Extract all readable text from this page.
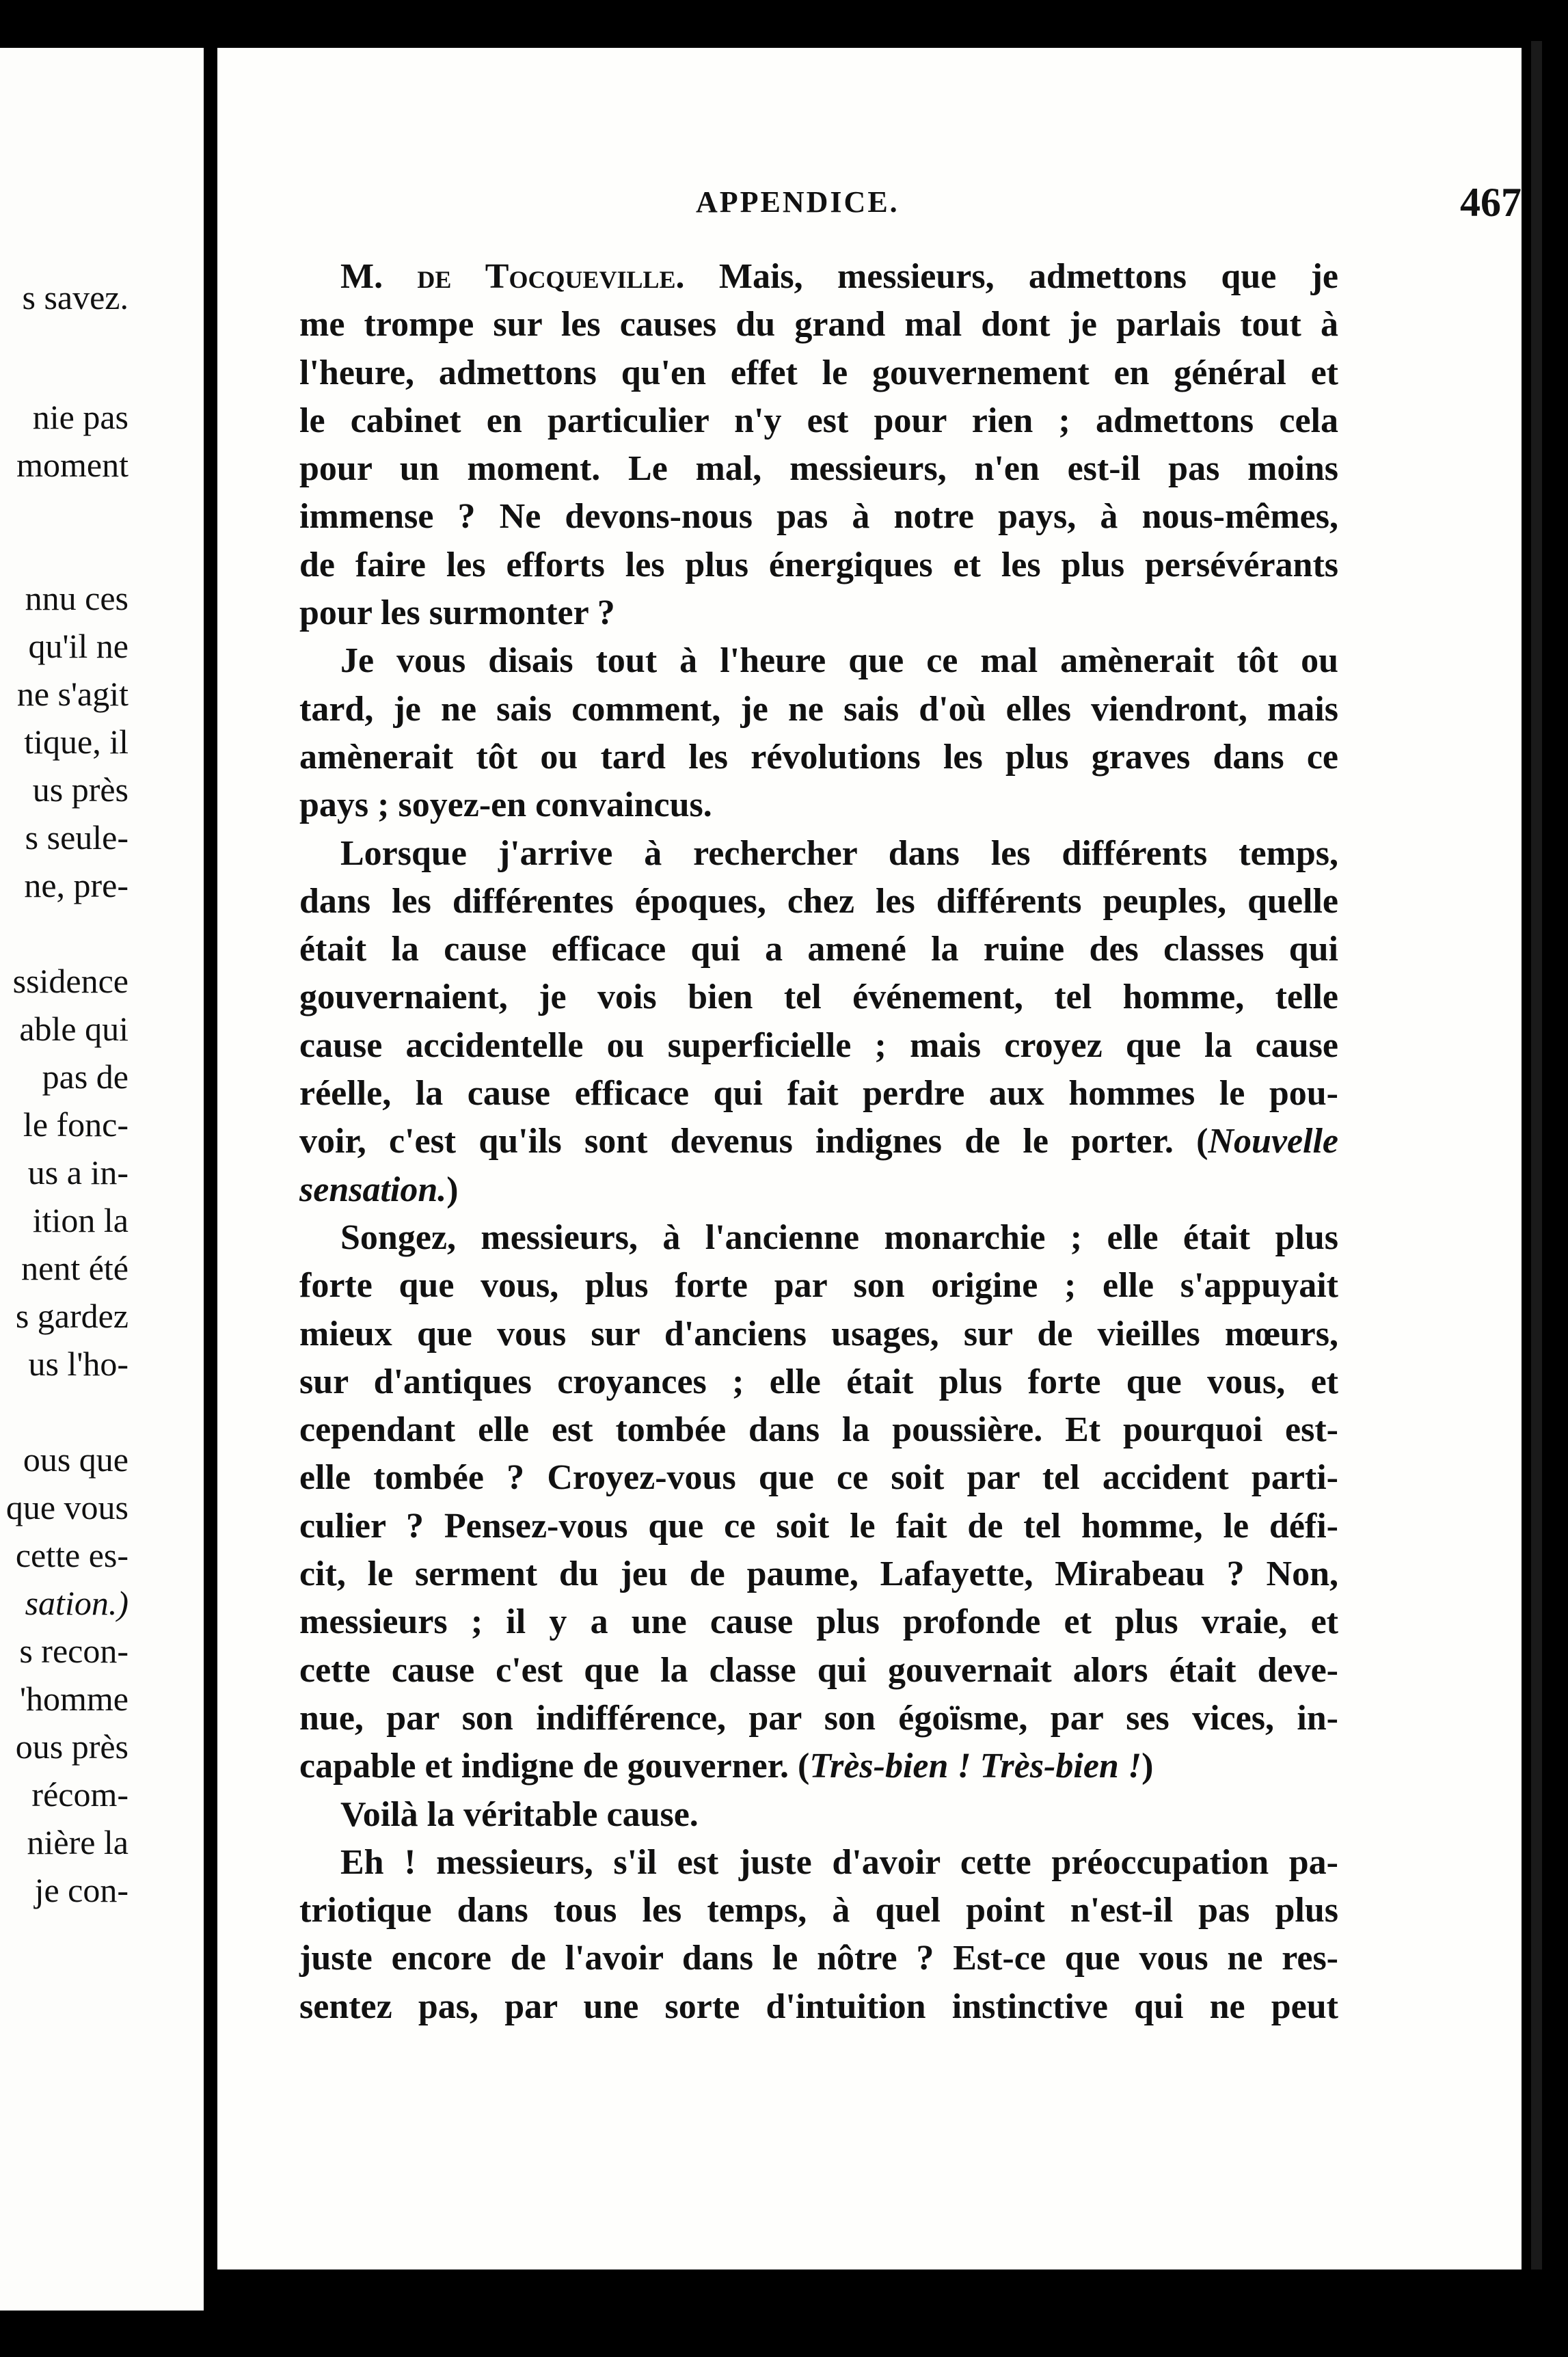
s savez.
nie pas
moment
nnu ces
qu'il ne
ne s'agit
tique, il
us près
s seule-
ne, pre-
ssidence
able qui
pas de
le fonc-
us a in-
ition la
nent été
s gardez
us l'ho-
ous que
que vous
cette es-
sation.)
s recon-
'homme
ous près
récom-
nière la
je con-
APPENDICE.	467
M. de Tocqueville. Mais, messieurs, admettons que je
me trompe sur les causes du grand mal dont je parlais tout à
l'heure, admettons qu'en effet le gouvernement en général et
le cabinet en particulier n'y est pour rien ; admettons cela
pour un moment. Le mal, messieurs, n'en est-il pas moins
immense ? Ne devons-nous pas à notre pays, à nous-mêmes,
de faire les efforts les plus énergiques et les plus persévérants
pour les surmonter ?
Je vous disais tout à l'heure que ce mal amènerait tôt ou
tard, je ne sais comment, je ne sais d'où elles viendront, mais
amènerait tôt ou tard les révolutions les plus graves dans ce
pays ; soyez-en convaincus.
Lorsque j'arrive à rechercher dans les différents temps,
dans les différentes époques, chez les différents peuples, quelle
était la cause efficace qui a amené la ruine des classes qui
gouvernaient, je vois bien tel événement, tel homme, telle
cause accidentelle ou superficielle ; mais croyez que la cause
réelle, la cause efficace qui fait perdre aux hommes le pou-
voir, c'est qu'ils sont devenus indignes de le porter. (Nouvelle
sensation.)
Songez, messieurs, à l'ancienne monarchie ; elle était plus
forte que vous, plus forte par son origine ; elle s'appuyait
mieux que vous sur d'anciens usages, sur de vieilles mœurs,
sur d'antiques croyances ; elle était plus forte que vous, et
cependant elle est tombée dans la poussière. Et pourquoi est-
elle tombée ? Croyez-vous que ce soit par tel accident parti-
culier ? Pensez-vous que ce soit le fait de tel homme, le défi-
cit, le serment du jeu de paume, Lafayette, Mirabeau ? Non,
messieurs ; il y a une cause plus profonde et plus vraie, et
cette cause c'est que la classe qui gouvernait alors était deve-
nue, par son indifférence, par son égoïsme, par ses vices, in-
capable et indigne de gouverner. (Très-bien ! Très-bien !)
Voilà la véritable cause.
Eh ! messieurs, s'il est juste d'avoir cette préoccupation pa-
triotique dans tous les temps, à quel point n'est-il pas plus
juste encore de l'avoir dans le nôtre ? Est-ce que vous ne res-
sentez pas, par une sorte d'intuition instinctive qui ne peut
